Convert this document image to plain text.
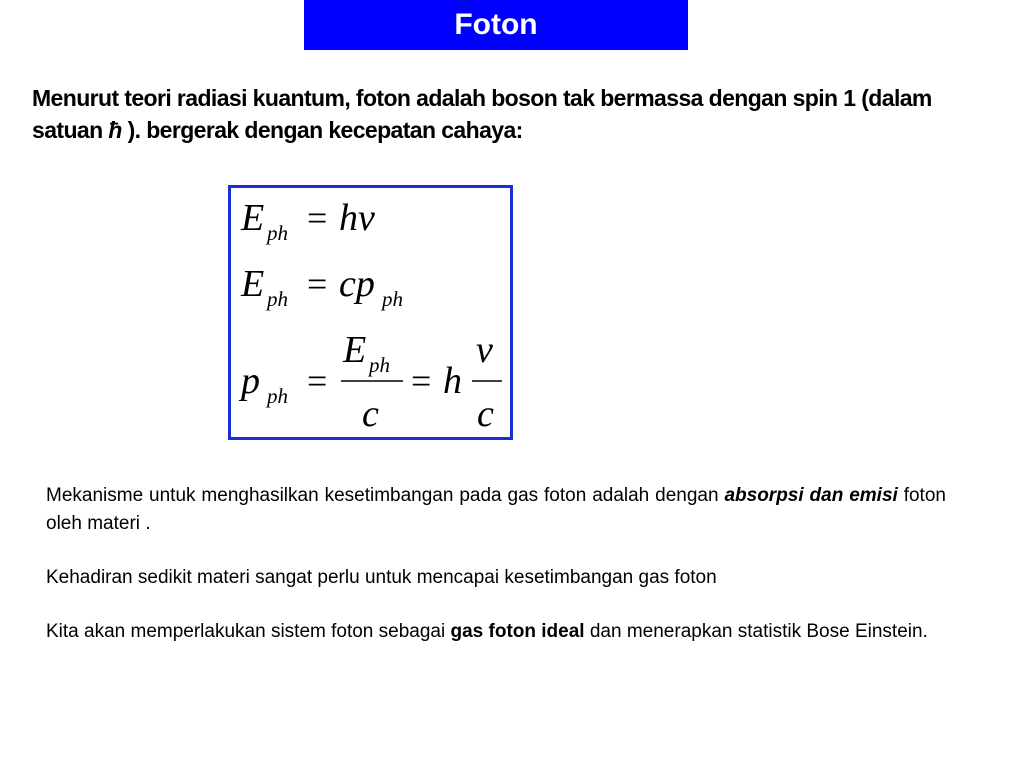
Foton
Menurut teori radiasi kuantum, foton adalah boson tak bermassa dengan spin 1 (dalam satuan ħ ). bergerak dengan kecepatan cahaya:
E ph = hν
E ph = cp ph
p ph =
E ph
c
= h
ν
c

Mekanisme untuk menghasilkan kesetimbangan pada gas foton adalah dengan absorpsi dan emisi foton oleh materi .

Kehadiran sedikit materi sangat perlu untuk mencapai kesetimbangan gas foton

Kita akan memperlakukan sistem foton sebagai gas foton ideal dan menerapkan statistik Bose Einstein.
